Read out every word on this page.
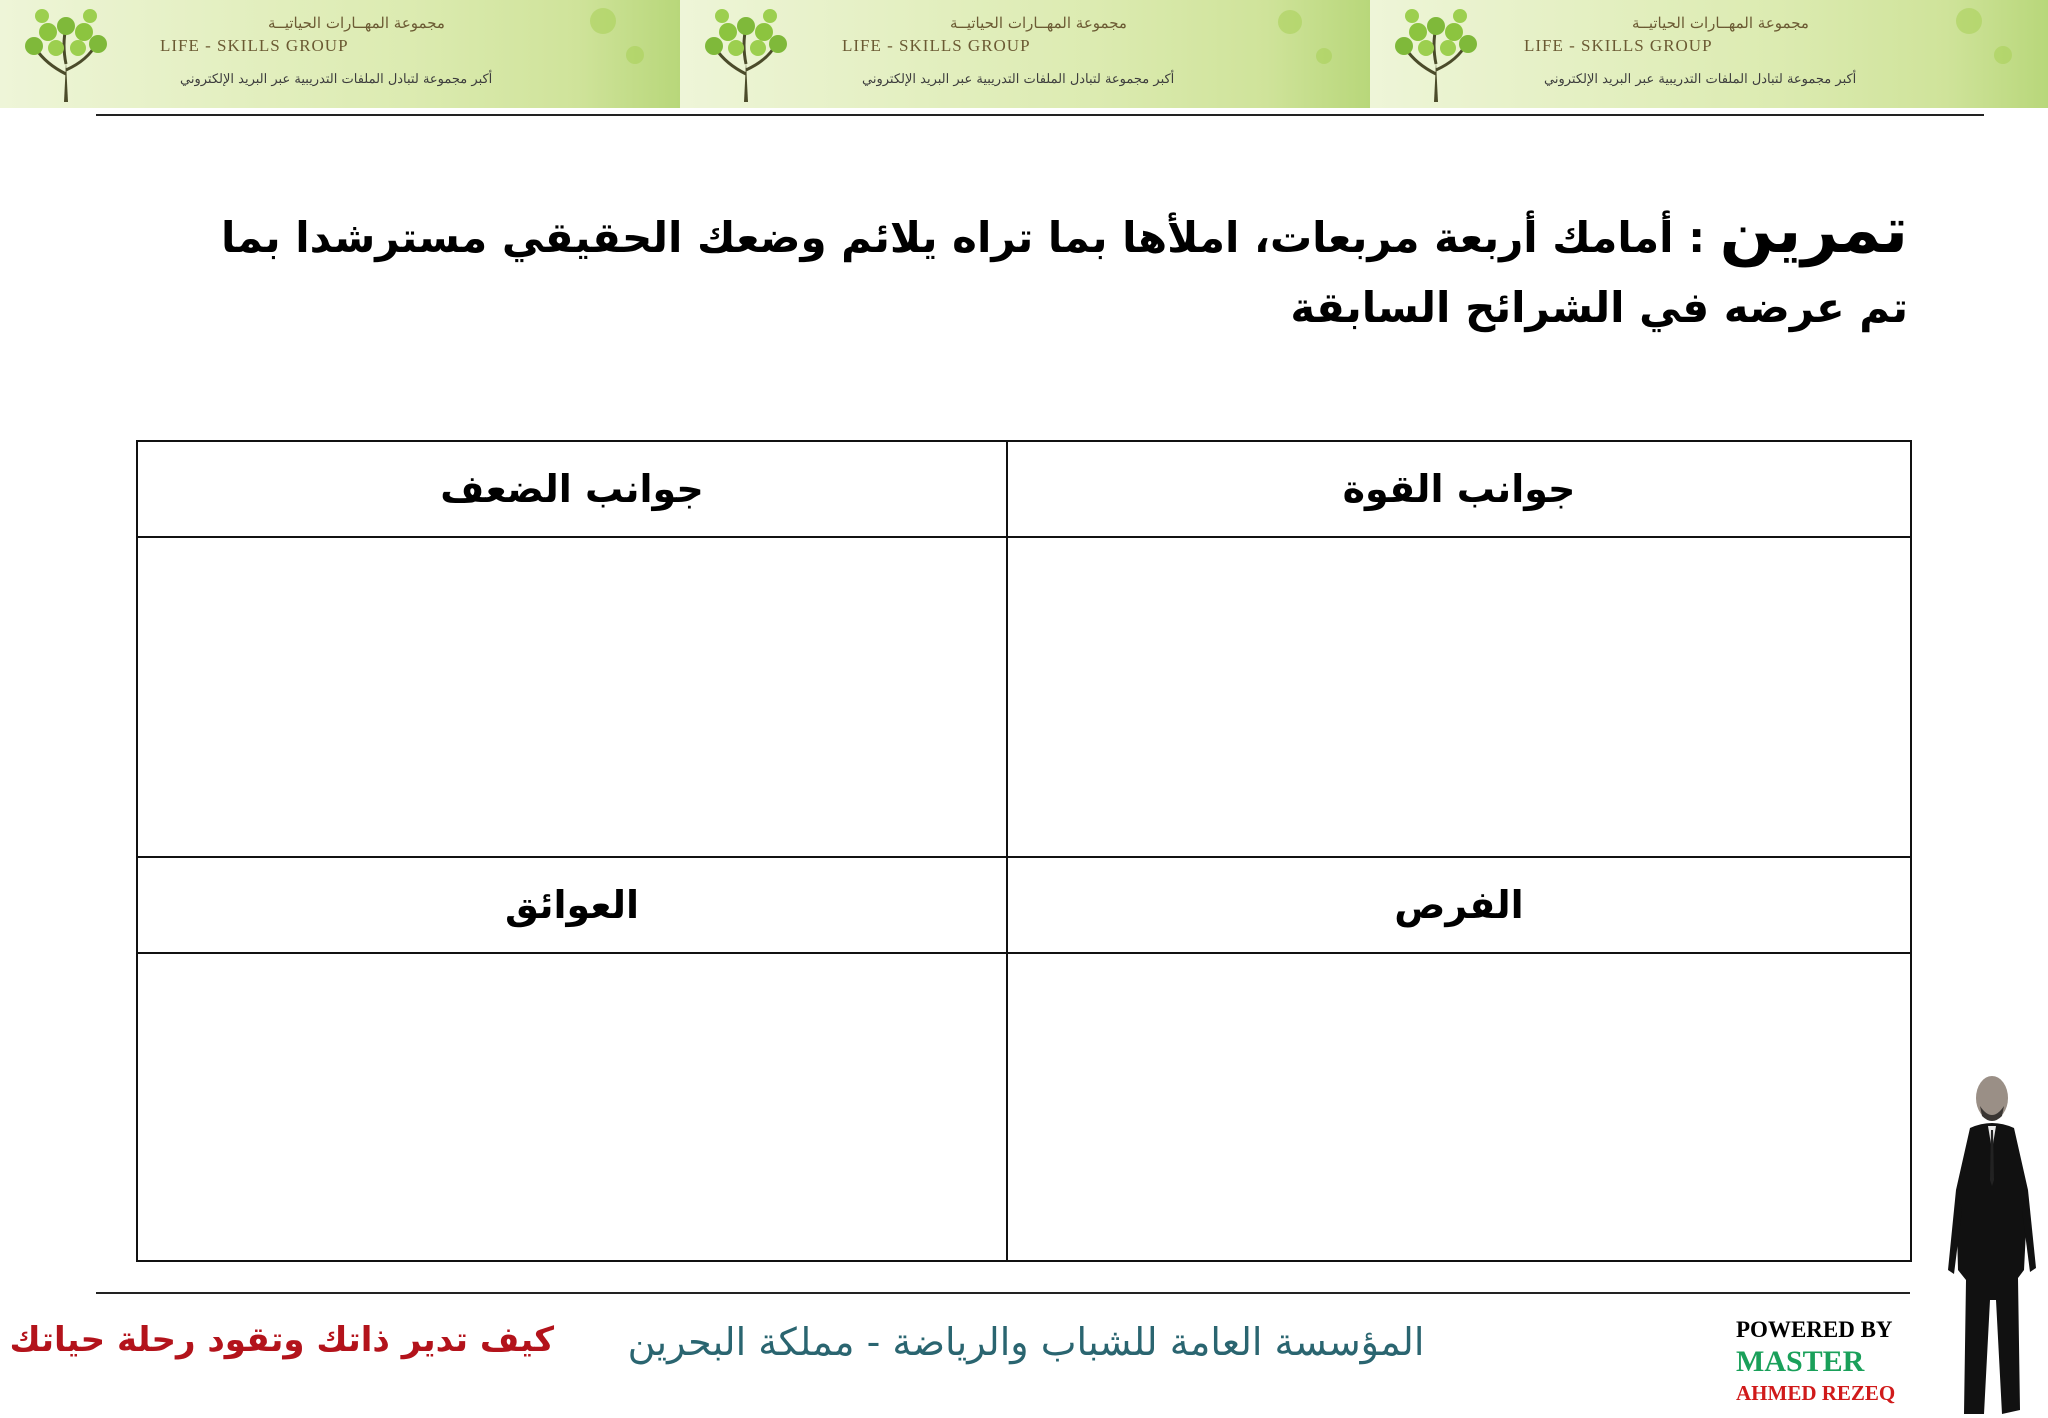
مجموعة المهــارات الحياتيــة
LIFE - SKILLS GROUP
أكبر مجموعة لتبادل الملفات التدريبية عبر البريد الإلكتروني
مجموعة المهــارات الحياتيــة
LIFE - SKILLS GROUP
أكبر مجموعة لتبادل الملفات التدريبية عبر البريد الإلكتروني
مجموعة المهــارات الحياتيــة
LIFE - SKILLS GROUP
أكبر مجموعة لتبادل الملفات التدريبية عبر البريد الإلكتروني
تمرين : أمامك أربعة مربعات، املأها بما تراه يلائم وضعك الحقيقي مسترشدا بما تم عرضه في الشرائح السابقة
جوانب القوة	جوانب الضعف

الفرص	العوائق

كيف تدير ذاتك وتقود رحلة حياتك	المؤسسة العامة للشباب والرياضة - مملكة البحرين	POWERED BY
MASTER
AHMED REZEQ
